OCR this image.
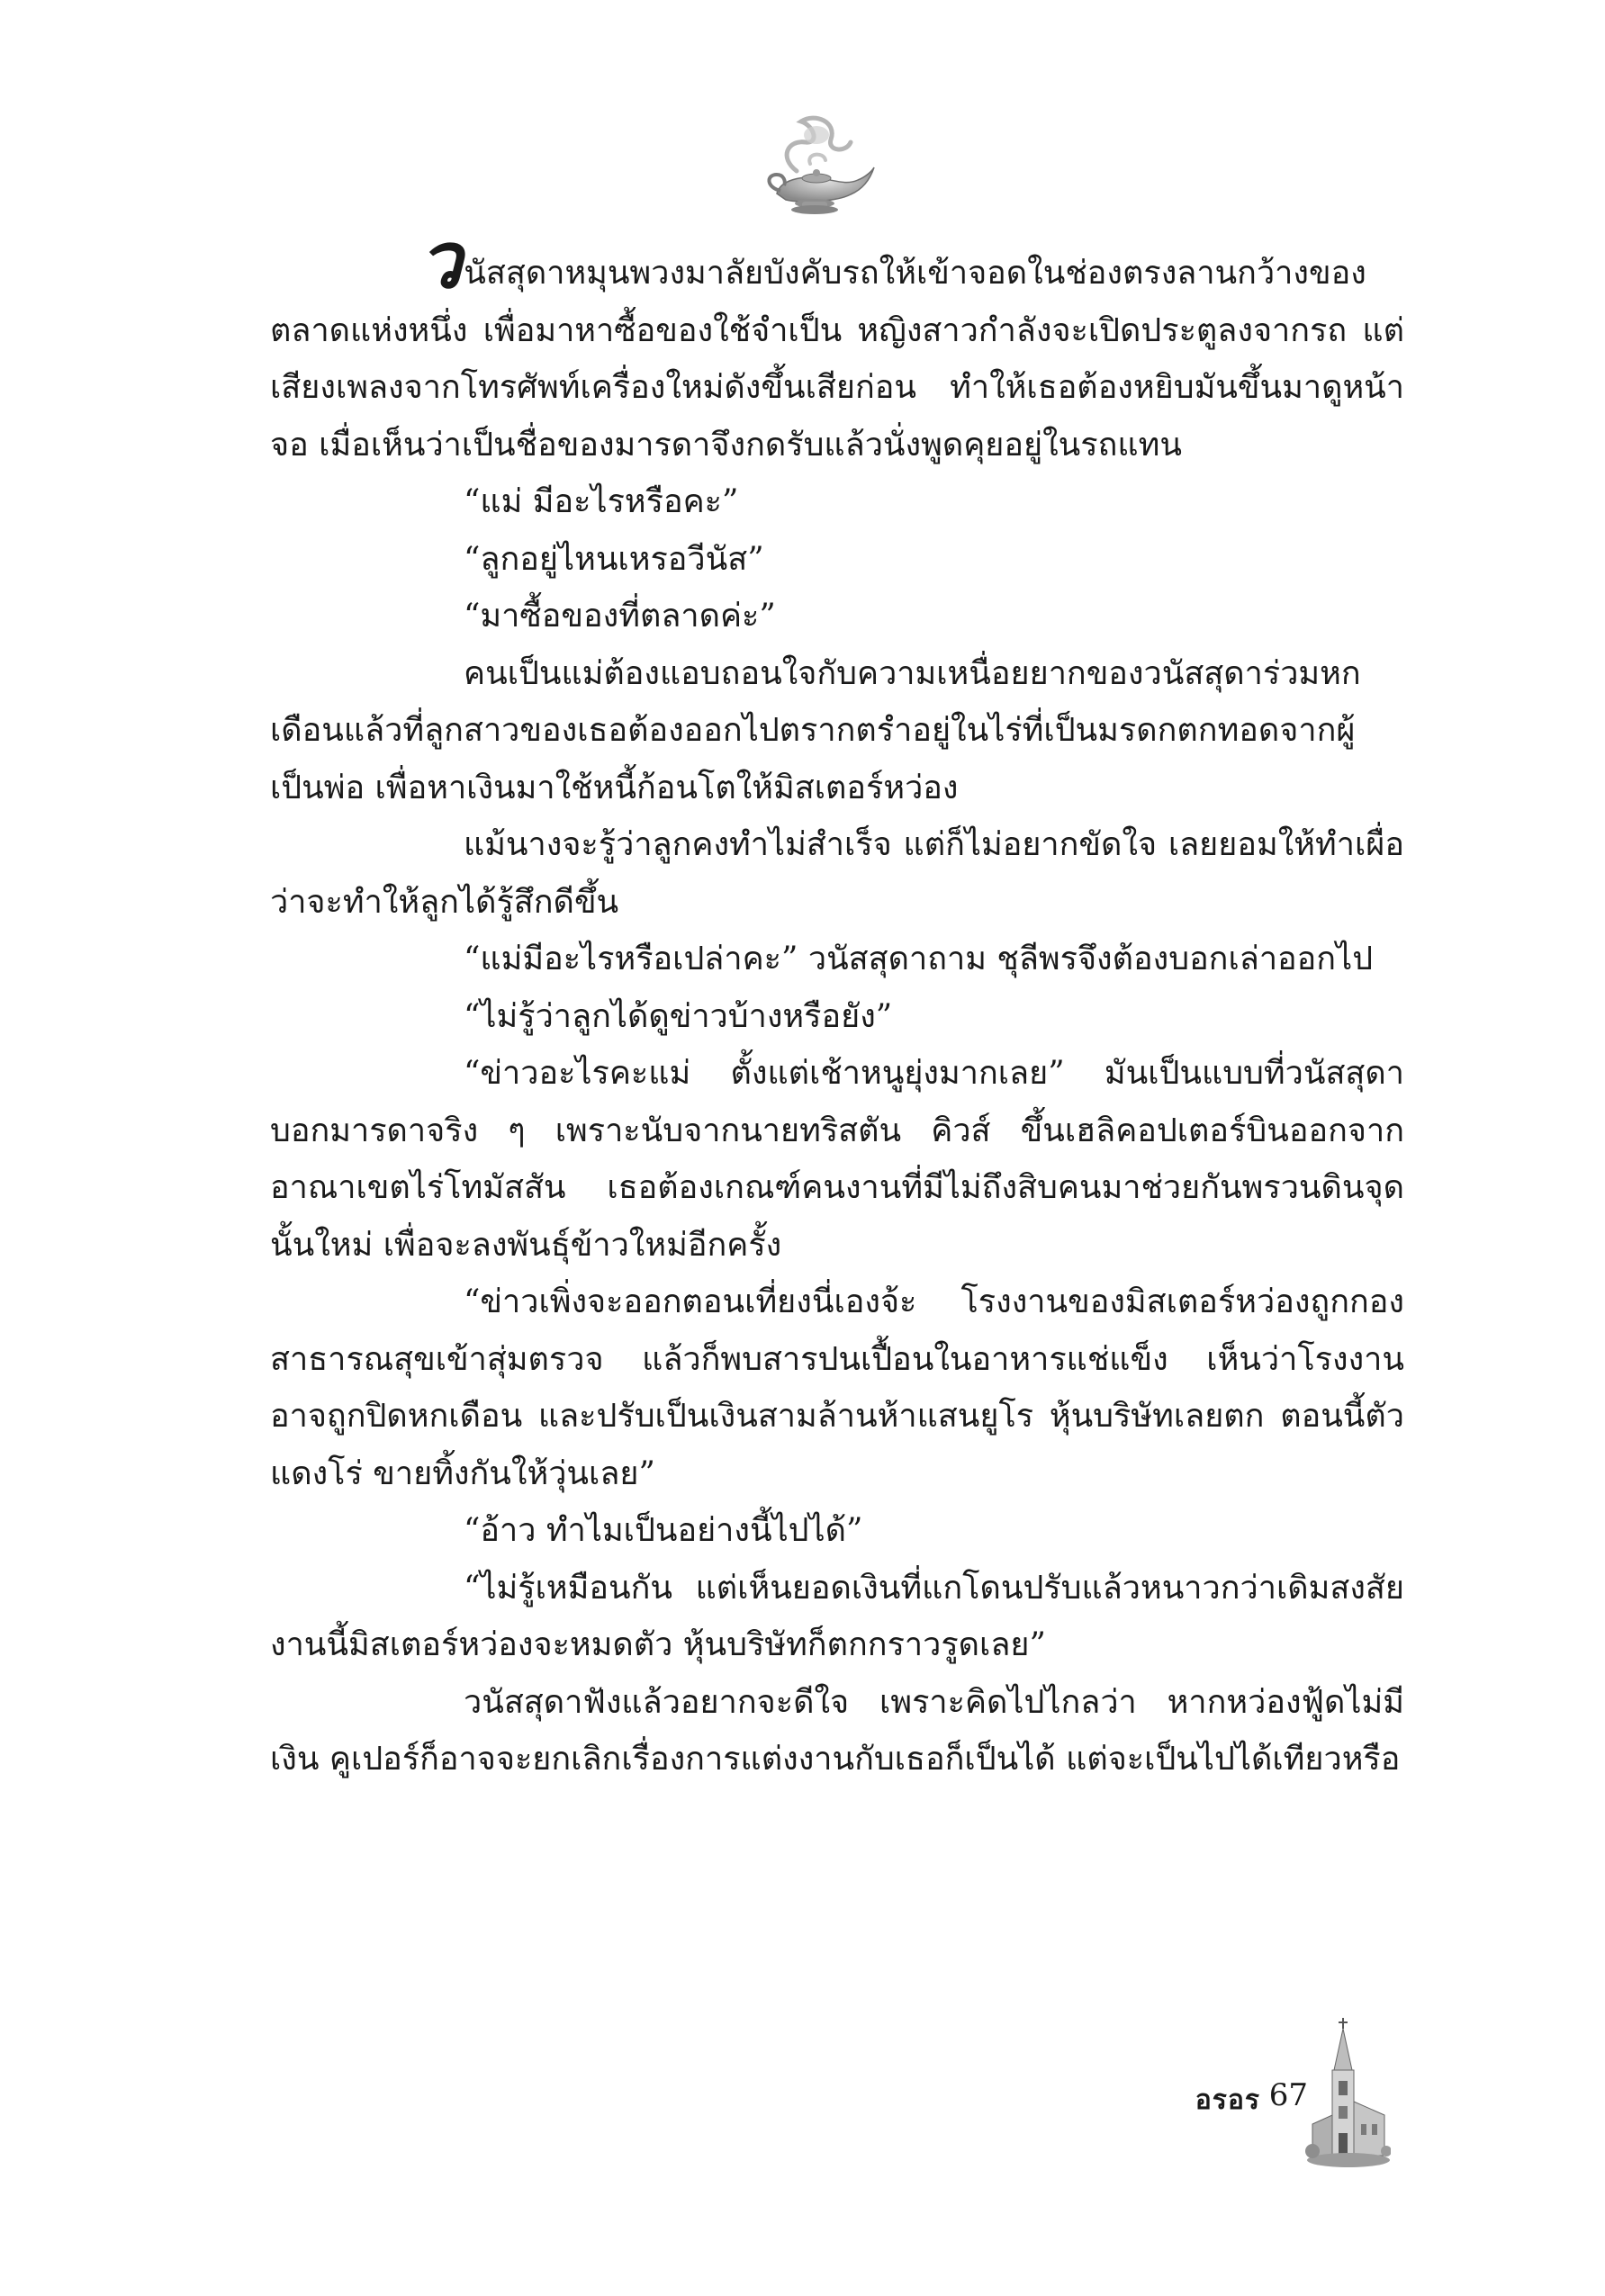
วนัสสุดาหมุนพวงมาลัยบังคับรถให้เข้าจอดในช่องตรงลานกว้างของตลาดแห่งหนึ่ง เพื่อมาหาซื้อของใช้จำเป็น หญิงสาวกำลังจะเปิดประตูลงจากรถ แต่เสียงเพลงจากโทรศัพท์เครื่องใหม่ดังขึ้นเสียก่อน ทำให้เธอต้องหยิบมันขึ้นมาดูหน้าจอ เมื่อเห็นว่าเป็นชื่อของมารดาจึงกดรับแล้วนั่งพูดคุยอยู่ในรถแทน

“แม่ มีอะไรหรือคะ”

“ลูกอยู่ไหนเหรอวีนัส”

“มาซื้อของที่ตลาดค่ะ”

คนเป็นแม่ต้องแอบถอนใจกับความเหนื่อยยากของวนัสสุดาร่วมหกเดือนแล้วที่ลูกสาวของเธอต้องออกไปตรากตรำอยู่ในไร่ที่เป็นมรดกตกทอดจากผู้เป็นพ่อ เพื่อหาเงินมาใช้หนี้ก้อนโตให้มิสเตอร์หว่อง

แม้นางจะรู้ว่าลูกคงทำไม่สำเร็จ แต่ก็ไม่อยากขัดใจ เลยยอมให้ทำเผื่อว่าจะทำให้ลูกได้รู้สึกดีขึ้น

“แม่มีอะไรหรือเปล่าคะ” วนัสสุดาถาม ชุลีพรจึงต้องบอกเล่าออกไป

“ไม่รู้ว่าลูกได้ดูข่าวบ้างหรือยัง”

“ข่าวอะไรคะแม่ ตั้งแต่เช้าหนูยุ่งมากเลย” มันเป็นแบบที่วนัสสุดาบอกมารดาจริง ๆ เพราะนับจากนายทริสตัน คิวส์ ขึ้นเฮลิคอปเตอร์บินออกจากอาณาเขตไร่โทมัสสัน เธอต้องเกณฑ์คนงานที่มีไม่ถึงสิบคนมาช่วยกันพรวนดินจุดนั้นใหม่ เพื่อจะลงพันธุ์ข้าวใหม่อีกครั้ง

“ข่าวเพิ่งจะออกตอนเที่ยงนี่เองจ้ะ โรงงานของมิสเตอร์หว่องถูกกองสาธารณสุขเข้าสุ่มตรวจ แล้วก็พบสารปนเปื้อนในอาหารแช่แข็ง เห็นว่าโรงงานอาจถูกปิดหกเดือน และปรับเป็นเงินสามล้านห้าแสนยูโร หุ้นบริษัทเลยตก ตอนนี้ตัวแดงโร่ ขายทิ้งกันให้วุ่นเลย”

“อ้าว ทำไมเป็นอย่างนี้ไปได้”

“ไม่รู้เหมือนกัน แต่เห็นยอดเงินที่แกโดนปรับแล้วหนาวกว่าเดิมสงสัยงานนี้มิสเตอร์หว่องจะหมดตัว หุ้นบริษัทก็ตกกราวรูดเลย”

วนัสสุดาฟังแล้วอยากจะดีใจ เพราะคิดไปไกลว่า หากหว่องฟู้ดไม่มีเงิน คูเปอร์ก็อาจจะยกเลิกเรื่องการแต่งงานกับเธอก็เป็นได้ แต่จะเป็นไปได้เทียวหรือ

อรอร 67
